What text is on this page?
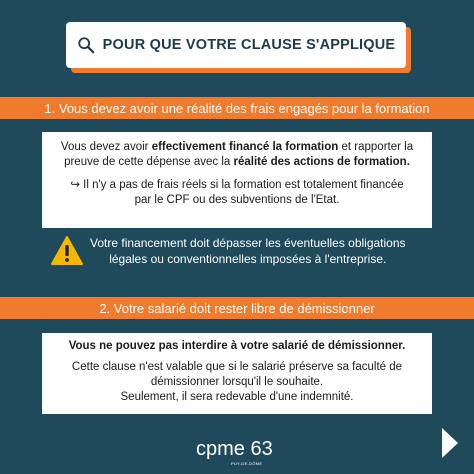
POUR QUE VOTRE CLAUSE S'APPLIQUE
1. Vous devez avoir une réalité des frais engagés pour la formation

Vous devez avoir effectivement financé la formation et rapporter la

preuve de cette dépense avec la réalité des actions de formation.

↪ Il n'y a pas de frais réels si la formation est totalement financée

par le CPF ou des subventions de l'Etat.

Votre financement doit dépasser les éventuelles obligations
légales ou conventionnelles imposées à l'entreprise.
2. Votre salarié doit rester libre de démissionner

Vous ne pouvez pas interdire à votre salarié de démissionner.

Cette clause n'est valable que si le salarié préserve sa faculté de

démissionner lorsqu'il le souhaite.

Seulement, il sera redevable d'une indemnité.

cpme 63
PUY-DE-DÔME
